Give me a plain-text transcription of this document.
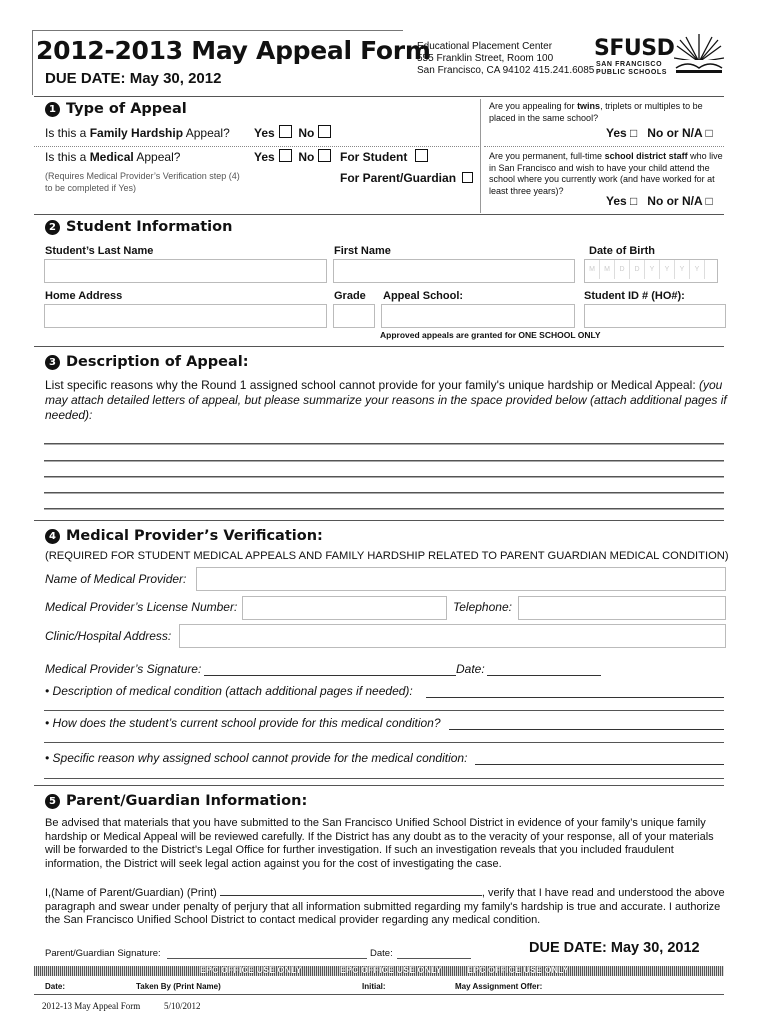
2012-2013 May Appeal Form
DUE DATE: May 30, 2012
Educational Placement Center
555 Franklin Street, Room 100
San Francisco, CA 94102 415.241.6085
SFUSD
SAN FRANCISCO
PUBLIC SCHOOLS
1 Type of Appeal
Is this a Family Hardship Appeal? Yes No
Is this a Medical Appeal?
(Requires Medical Provider’s Verification step (4) to be completed if Yes)
Yes No	For Student
For Parent/Guardian
Are you appealing for twins, triplets or multiples to be placed in the same school?
Yes □   No or N/A □
Are you permanent, full-time school district staff who live in San Francisco and wish to have your child attend the school where you currently work (and have worked for at least three years)?
Yes □   No or N/A □
2 Student Information
Student’s Last Name	First Name	Date of Birth
M	M	D	D	Y	Y	Y	Y
Home Address	Grade Appeal School:	Student ID # (HO#):
Approved appeals are granted for ONE SCHOOL ONLY
3 Description of Appeal:
List specific reasons why the Round 1 assigned school cannot provide for your family's unique hardship or Medical Appeal: (you may attach detailed letters of appeal, but please summarize your reasons in the space provided below (attach additional pages if needed):
4 Medical Provider’s Verification:
(REQUIRED FOR STUDENT MEDICAL APPEALS AND FAMILY HARDSHIP RELATED TO PARENT GUARDIAN MEDICAL CONDITION)
Name of Medical Provider:
Medical Provider’s License Number:	Telephone:
Clinic/Hospital Address:
Medical Provider’s Signature:	Date:
• Description of medical condition (attach additional pages if needed):
• How does the student’s current school provide for this medical condition?
• Specific reason why assigned school cannot provide for the medical condition:
5 Parent/Guardian Information:
Be advised that materials that you have submitted to the San Francisco Unified School District in evidence of your family’s unique family hardship or Medical Appeal will be reviewed carefully. If the District has any doubt as to the veracity of your response, all of your materials will be forwarded to the District’s Legal Office for further investigation. If such an investigation reveals that you included fraudulent information, the District will seek legal action against you for the cost of investigating the case.
I,(Name of Parent/Guardian) (Print)	, verify that I have read and understood the above paragraph and swear under penalty of perjury that all information submitted regarding my family's hardship is true and accurate. I authorize the San Francisco Unified School District to contact medical provider regarding any medical condition.
Parent/Guardian Signature:	Date:	DUE DATE: May 30, 2012
EPC OFFICE USE ONLY	EPC OFFICE USE ONLY	EPC OFFICE USE ONLY
Date:	Taken By (Print Name)	Initial:	May Assignment Offer:
2012-13 May Appeal Form	5/10/2012
